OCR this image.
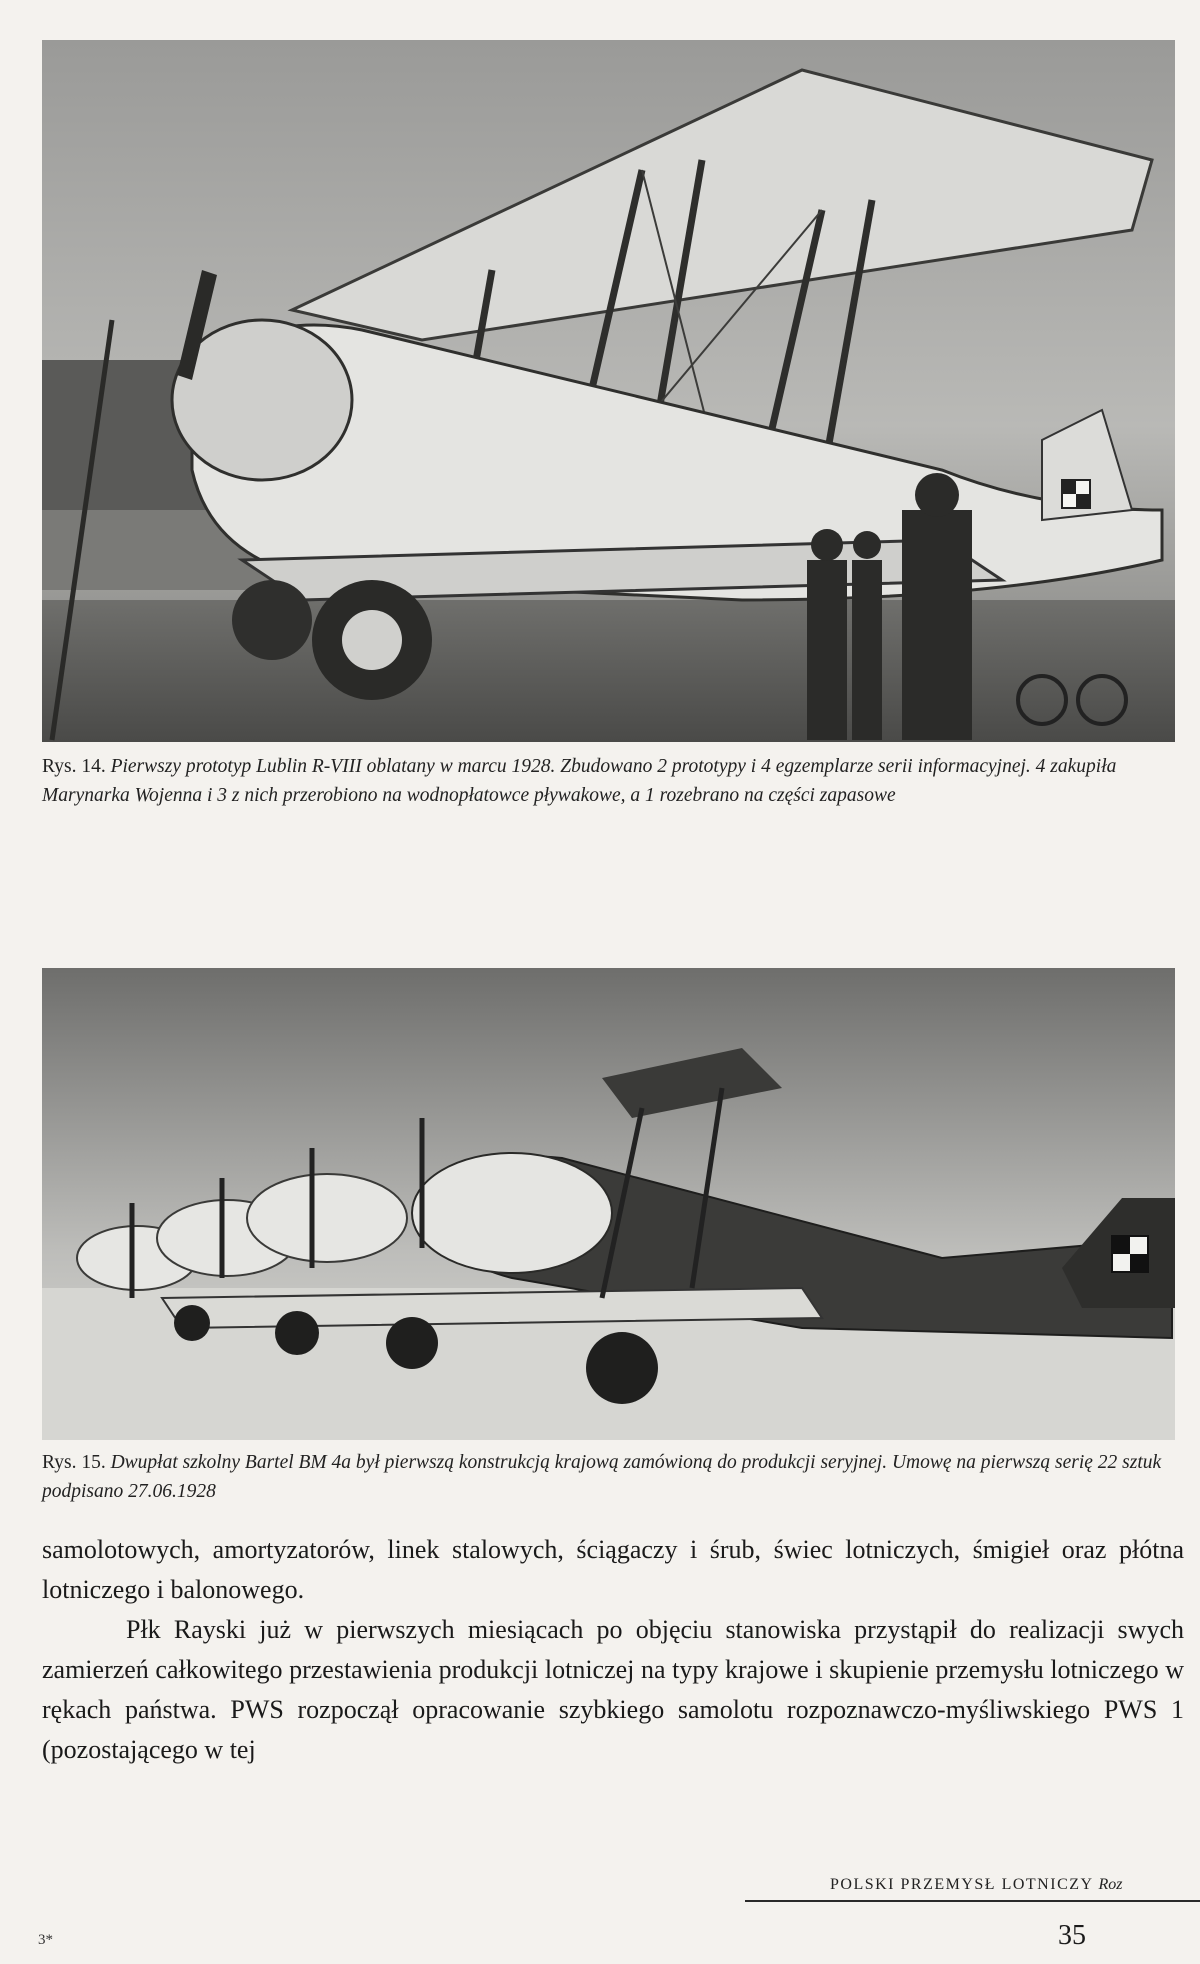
Rys. 14. Pierwszy prototyp Lublin R-VIII oblatany w marcu 1928. Zbudowano 2 prototypy i 4 egzemplarze serii informacyjnej. 4 zakupiła Marynarka Wojenna i 3 z nich przerobiono na wodnopłatowce pływakowe, a 1 rozebrano na części zapasowe
Rys. 15. Dwupłat szkolny Bartel BM 4a był pierwszą konstrukcją krajową zamówioną do produkcji seryjnej. Umowę na pierwszą serię 22 sztuk podpisano 27.06.1928

samolotowych, amortyzatorów, linek stalowych, ściągaczy i śrub, świec lotniczych, śmigieł oraz płótna lotniczego i balonowego.

Płk Rayski już w pierwszych miesiącach po objęciu stanowiska przystąpił do realizacji swych zamierzeń całkowitego przestawienia produkcji lotniczej na typy krajowe i skupienie przemysłu lotniczego w rękach państwa. PWS rozpoczął opracowanie szybkiego samolotu rozpoznawczo-myśliwskiego PWS 1 (pozostającego w tej

POLSKI PRZEMYSŁ LOTNICZY Roz
3*	35
